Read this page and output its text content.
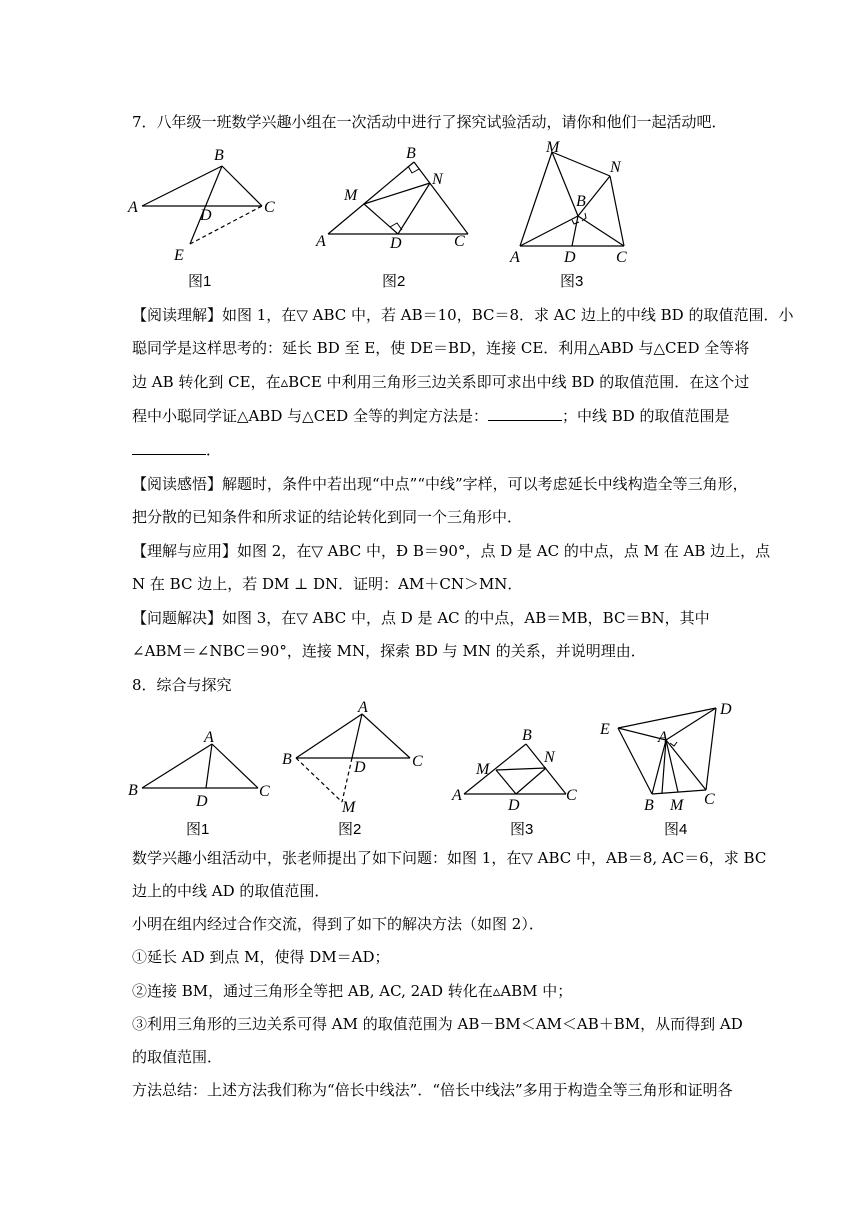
7．八年级一班数学兴趣小组在一次活动中进行了探究试验活动，请你和他们一起活动吧．
A
B
C
D
E
图1
A
B
C
D
M
N
图2
A
B
C
D
M
N
图3
【阅读理解】如图 1，在▽ ABC 中，若 AB＝10，BC＝8．求 AC 边上的中线 BD 的取值范围．小
聪同学是这样思考的：延长 BD 至 E，使 DE＝BD，连接 CE．利用△ABD 与△CED 全等将
边 AB 转化到 CE，在▵BCE 中利用三角形三边关系即可求出中线 BD 的取值范围．在这个过
程中小聪同学证△ABD 与△CED 全等的判定方法是：	；中线 BD 的取值范围是
．
【阅读感悟】解题时，条件中若出现“中点”“中线”字样，可以考虑延长中线构造全等三角形，
把分散的已知条件和所求证的结论转化到同一个三角形中．
【理解与应用】如图 2，在▽ ABC 中，Ð B＝90°，点 D 是 AC 的中点，点 M 在 AB 边上，点
N 在 BC 边上，若 DM ⊥ DN．证明：AM＋CN＞MN．
【问题解决】如图 3，在▽ ABC 中，点 D 是 AC 的中点，AB＝MB，BC＝BN，其中
∠ABM＝∠NBC＝90°，连接 MN，探索 BD 与 MN 的关系，并说明理由．
8．综合与探究
B
A
C
D
图1
B
A
C
D
M
图2
A
B
C
D
M
N
图3
E
D
A
B M C
图4
数学兴趣小组活动中，张老师提出了如下问题：如图 1，在▽ ABC 中，AB＝8, AC＝6，求 BC
边上的中线 AD 的取值范围．
小明在组内经过合作交流，得到了如下的解决方法（如图 2）．
①延长 AD 到点 M，使得 DM＝AD；
②连接 BM，通过三角形全等把 AB, AC, 2AD 转化在▵ABM 中；
③利用三角形的三边关系可得 AM 的取值范围为 AB－BM＜AM＜AB＋BM，从而得到 AD
的取值范围．
方法总结：上述方法我们称为“倍长中线法”．“倍长中线法”多用于构造全等三角形和证明各
